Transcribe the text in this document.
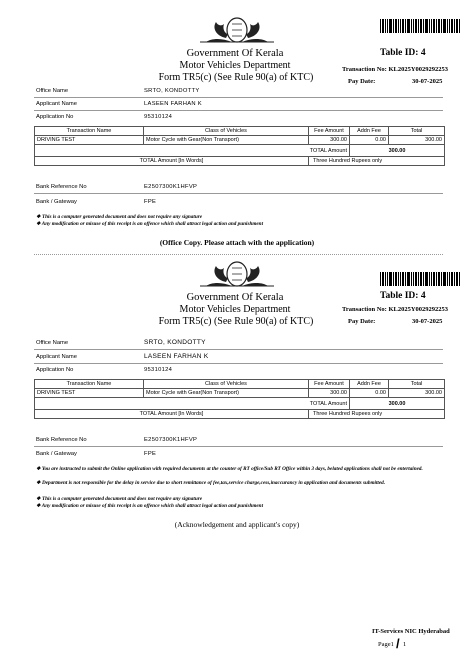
Government Of Kerala
Motor Vehicles Department
Form TR5(c) (See Rule 90(a) of KTC)
Table ID: 4
Transaction No: KL2025Y0029292253
Pay Date:	30-07-2025
Office Name	SRTO, KONDOTTY
Applicant Name	LASEEN FARHAN K
Application No	95310124
Transaction Name	Class of Vehicles	Fee Amount	Addn Fee	Total
DRIVING TEST	Motor Cycle with Gear(Non Transport)	300.00	0.00	300.00
TOTAL Amount			300.00	
TOTAL Amount [In Words]		Three Hundred Rupees only		
Bank Reference No	E2507300K1HFVP
Bank / Gateway	FPE
❖ This is a computer generated document and does not require any signature
❖ Any modification or misuse of this receipt is an offence which shall attract legal action and punishment
(Office Copy. Please attach with the application)
Government Of Kerala
Motor Vehicles Department
Form TR5(c) (See Rule 90(a) of KTC)
Table ID: 4
Transaction No: KL2025Y0029292253
Pay Date:	30-07-2025
Office Name	SRTO, KONDOTTY
Applicant Name	LASEEN FARHAN K
Application No	95310124
Transaction Name	Class of Vehicles	Fee Amount	Addn Fee	Total
DRIVING TEST	Motor Cycle with Gear(Non Transport)	300.00	0.00	300.00
TOTAL Amount			300.00	
TOTAL Amount [In Words]		Three Hundred Rupees only		
Bank Reference No	E2507300K1HFVP
Bank / Gateway	FPE
❖ You are instructed to submit the Online application with required documents at the counter of RT office/Sub RT Office within 3 days, belated applications shall not be entertained.
❖ Department is not responsible for the delay in service due to short remittance of fee,tax,service charge,cess,inaccurancy in application and documents submitted.
❖ This is a computer generated document and does not require any signature
❖ Any modification or misuse of this receipt is an offence which shall attract legal action and punishment
(Acknowledgement and applicant's copy)
IT-Services NIC Hyderabad
Page1 / 1
